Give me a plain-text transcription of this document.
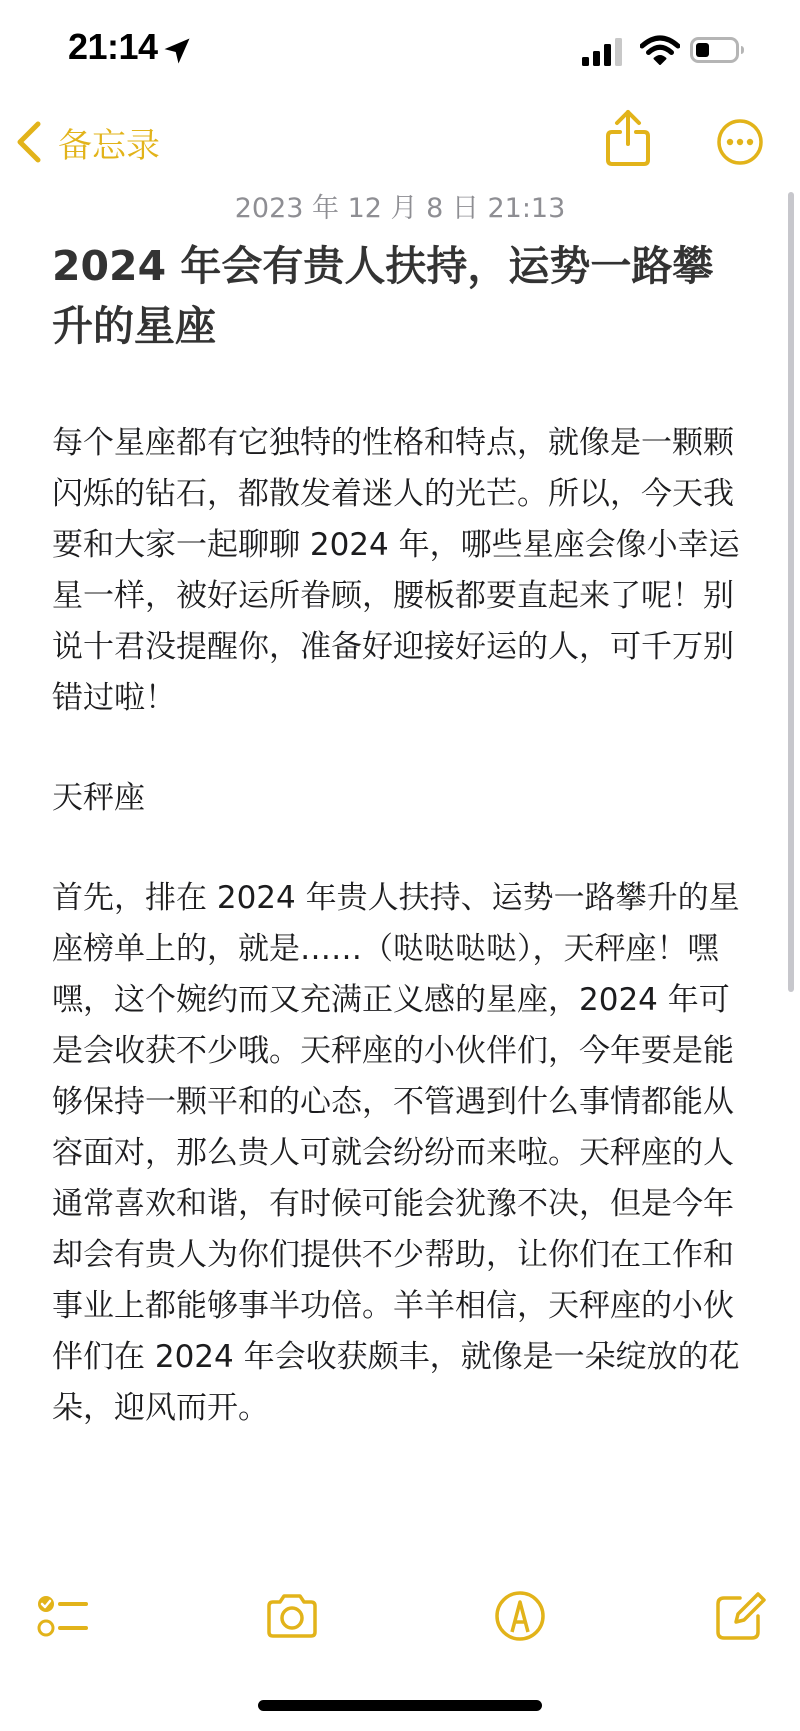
21:14
备忘录
2023 年 12 月 8 日 21:13
2024 年会有贵人扶持，运势一路攀升的星座

每个星座都有它独特的性格和特点，就像是一颗颗闪烁的钻石，都散发着迷人的光芒。所以，今天我要和大家一起聊聊 2024 年，哪些星座会像小幸运星一样，被好运所眷顾，腰板都要直起来了呢！别说十君没提醒你，准备好迎接好运的人，可千万别错过啦！

天秤座

首先，排在 2024 年贵人扶持、运势一路攀升的星座榜单上的，就是……（哒哒哒哒），天秤座！嘿嘿，这个婉约而又充满正义感的星座，2024 年可是会收获不少哦。天秤座的小伙伴们，今年要是能够保持一颗平和的心态，不管遇到什么事情都能从容面对，那么贵人可就会纷纷而来啦。天秤座的人通常喜欢和谐，有时候可能会犹豫不决，但是今年却会有贵人为你们提供不少帮助，让你们在工作和事业上都能够事半功倍。羊羊相信，天秤座的小伙伴们在 2024 年会收获颇丰，就像是一朵绽放的花朵，迎风而开。
